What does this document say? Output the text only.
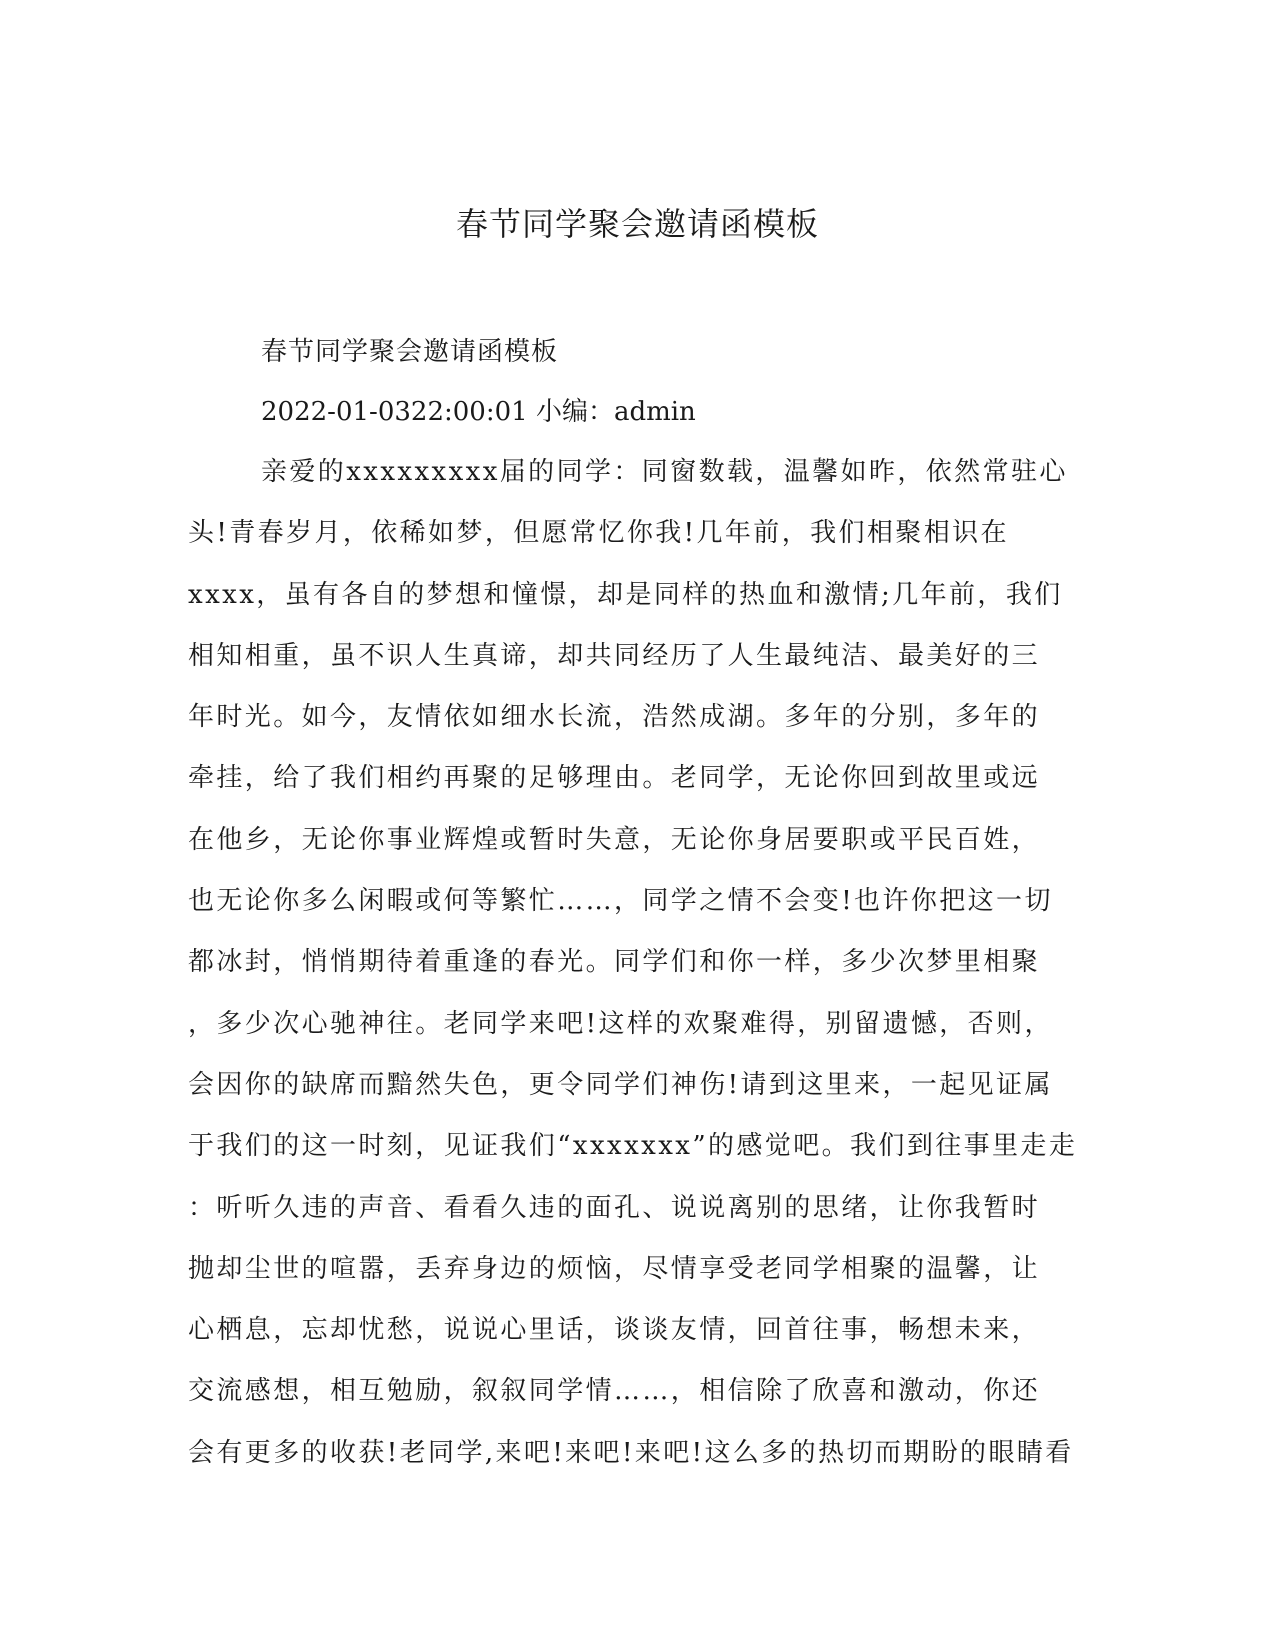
春节同学聚会邀请函模板
春节同学聚会邀请函模板
2022-01-0322:00:01 小编：admin
亲爱的xxxxxxxxx届的同学：同窗数载，温馨如昨，依然常驻心
头!青春岁月，依稀如梦，但愿常忆你我!几年前，我们相聚相识在
xxxx，虽有各自的梦想和憧憬，却是同样的热血和激情;几年前，我们
相知相重，虽不识人生真谛，却共同经历了人生最纯洁、最美好的三
年时光。如今，友情依如细水长流，浩然成湖。多年的分别，多年的
牵挂，给了我们相约再聚的足够理由。老同学，无论你回到故里或远
在他乡，无论你事业辉煌或暂时失意，无论你身居要职或平民百姓，
也无论你多么闲暇或何等繁忙……，同学之情不会变!也许你把这一切
都冰封，悄悄期待着重逢的春光。同学们和你一样，多少次梦里相聚
，多少次心驰神往。老同学来吧!这样的欢聚难得，别留遗憾，否则，
会因你的缺席而黯然失色，更令同学们神伤!请到这里来，一起见证属
于我们的这一时刻，见证我们“xxxxxxx”的感觉吧。我们到往事里走走
：听听久违的声音、看看久违的面孔、说说离别的思绪，让你我暂时
抛却尘世的喧嚣，丢弃身边的烦恼，尽情享受老同学相聚的温馨，让
心栖息，忘却忧愁，说说心里话，谈谈友情，回首往事，畅想未来，
交流感想，相互勉励，叙叙同学情……，相信除了欣喜和激动，你还
会有更多的收获!老同学,来吧!来吧!来吧!这么多的热切而期盼的眼睛看
